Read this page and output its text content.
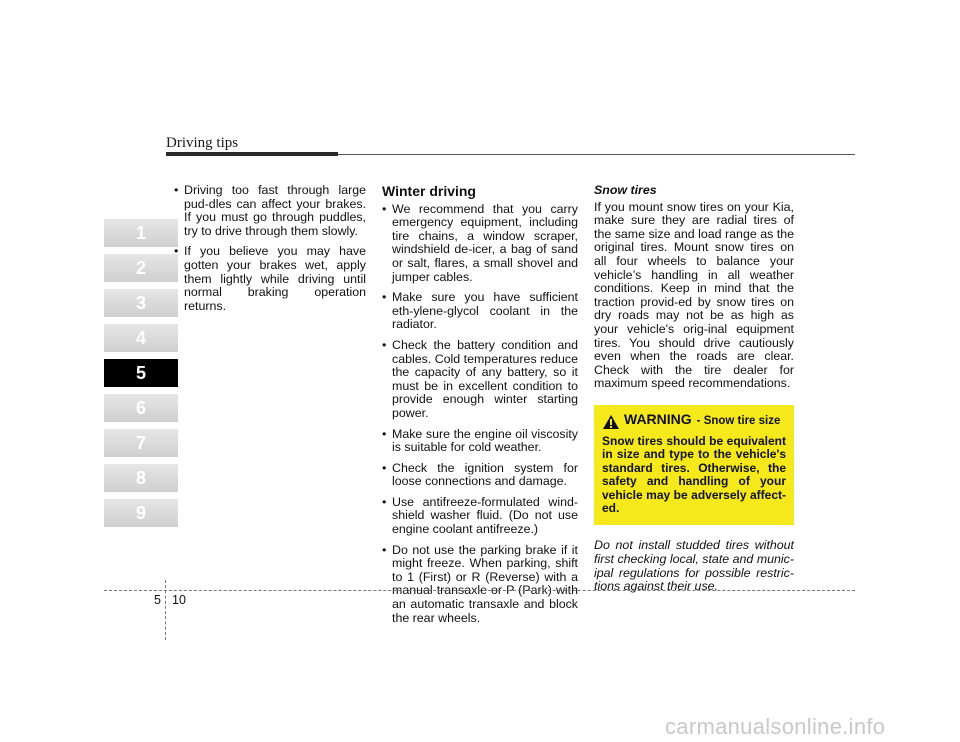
Driving tips
1
2
3
4
5
6
7
8
9
• Driving too fast through large pud-dles can affect your brakes. If you must go through puddles, try to drive through them slowly.
• If you believe you may have gotten your brakes wet, apply them lightly while driving until normal braking operation returns.
Winter driving
• We recommend that you carry emergency equipment, including tire chains, a window scraper, windshield de-icer, a bag of sand or salt, flares, a small shovel and jumper cables.
• Make sure you have sufficient eth-ylene-glycol coolant in the radiator.
• Check the battery condition and cables. Cold temperatures reduce the capacity of any battery, so it must be in excellent condition to provide enough winter starting power.
• Make sure the engine oil viscosity is suitable for cold weather.
• Check the ignition system for loose connections and damage.
• Use antifreeze-formulated wind-shield washer fluid. (Do not use engine coolant antifreeze.)
• Do not use the parking brake if it might freeze. When parking, shift to 1 (First) or R (Reverse) with a manual transaxle or P (Park) with an automatic transaxle and block the rear wheels.
Snow tires
If you mount snow tires on your Kia, make sure they are radial tires of the same size and load range as the original tires. Mount snow tires on all four wheels to balance your vehicle’s handling in all weather conditions. Keep in mind that the traction provid-ed by snow tires on dry roads may not be as high as your vehicle's orig-inal equipment tires. You should drive cautiously even when the roads are clear. Check with the tire dealer for maximum speed recommendations.
WARNING - Snow tire size
Snow tires should be equivalent in size and type to the vehicle's standard tires. Otherwise, the safety and handling of your vehicle may be adversely affect-ed.
Do not install studded tires without first checking local, state and munic-ipal regulations for possible restric-tions against their use.
5 10
carmanualsonline.info
